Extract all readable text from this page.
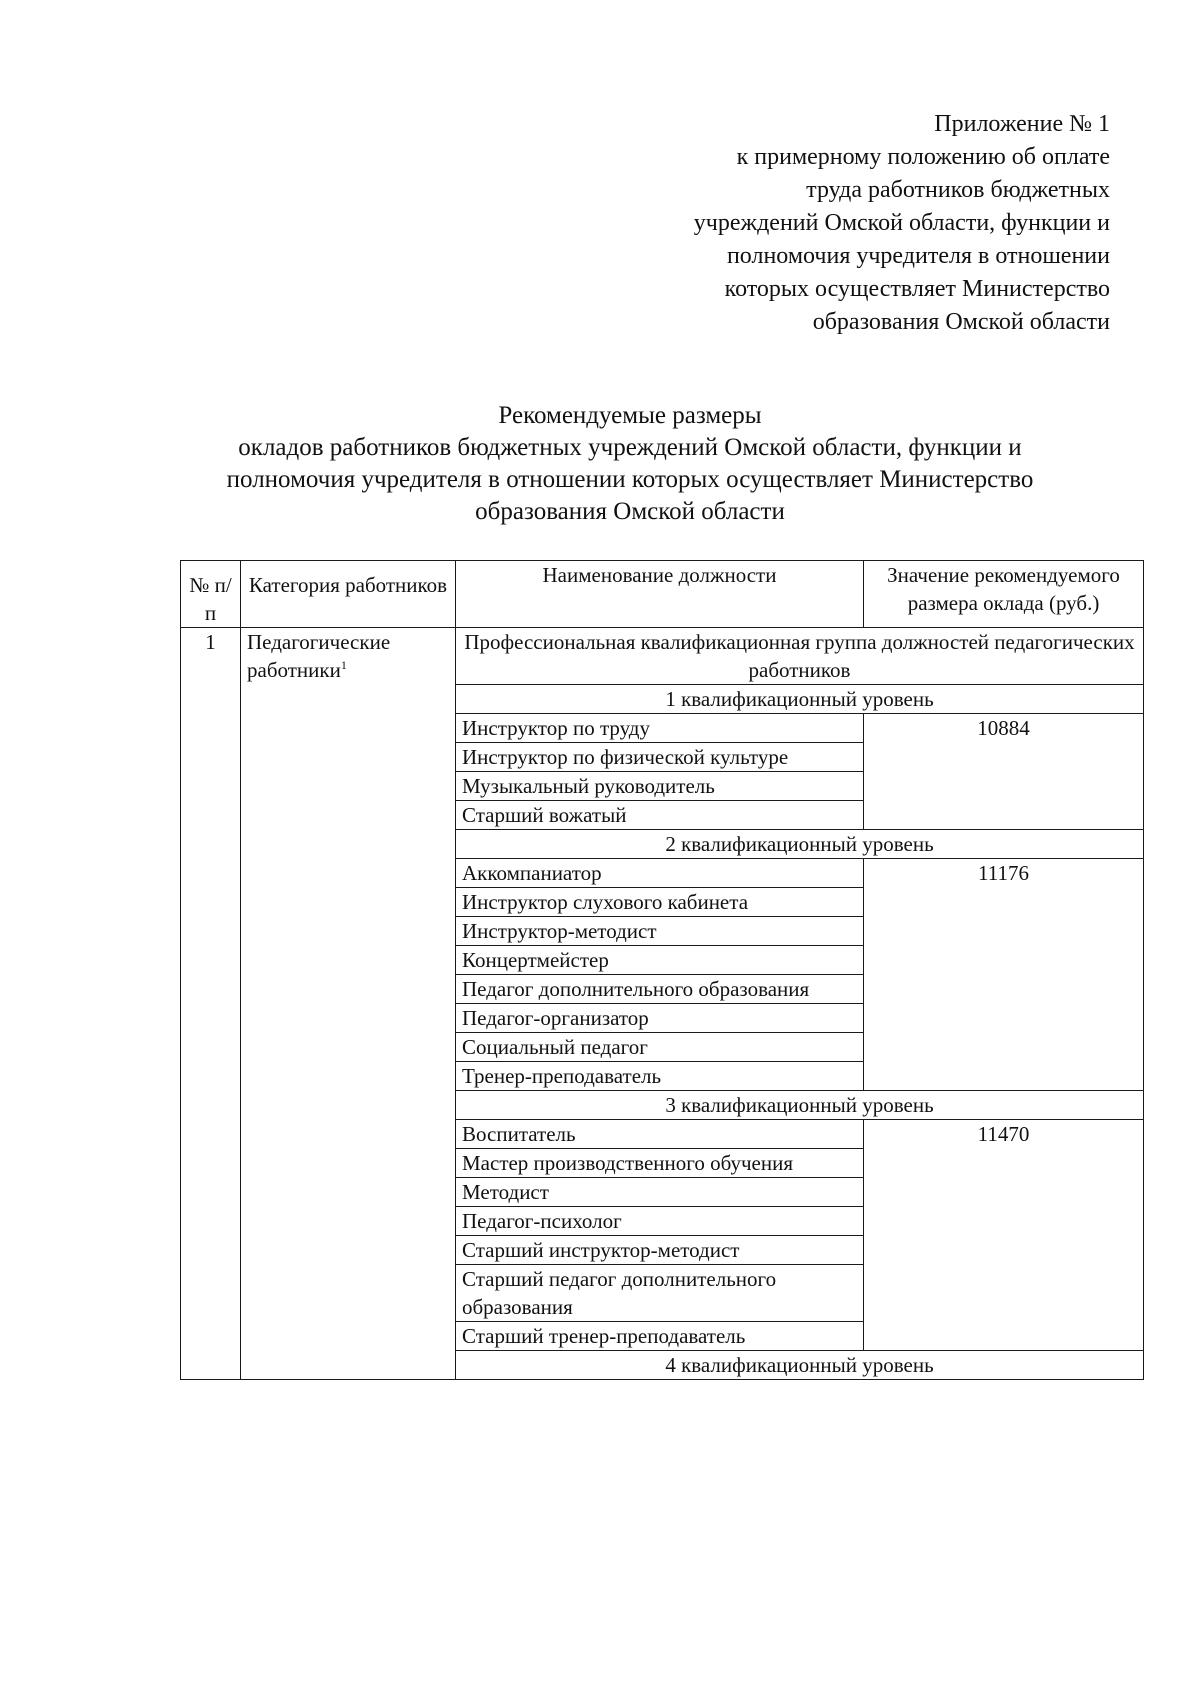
Приложение № 1
к примерному положению об оплате
труда работников бюджетных
учреждений Омской области, функции и
полномочия учредителя в отношении
которых осуществляет Министерство
образования Омской области
Рекомендуемые размеры
окладов работников бюджетных учреждений Омской области, функции и
полномочия учредителя в отношении которых осуществляет Министерство
образования Омской области
№ п/п	Категория работников	Наименование должности	Значение рекомендуемого размера оклада (руб.)
1	Педагогические работники$^1$	Профессиональная квалификационная группа должностей педагогических работников	
		1 квалификационный уровень	
		Инструктор по труду	10884
		Инструктор по физической культуре	
		Музыкальный руководитель	
		Старший вожатый	
		2 квалификационный уровень	
		Аккомпаниатор	11176
		Инструктор слухового кабинета	
		Инструктор-методист	
		Концертмейстер	
		Педагог дополнительного образования	
		Педагог-организатор	
		Социальный педагог	
		Тренер-преподаватель	
		3 квалификационный уровень	
		Воспитатель	11470
		Мастер производственного обучения	
		Методист	
		Педагог-психолог	
		Старший инструктор-методист	
		Старший педагог дополнительного образования	
		Старший тренер-преподаватель	
		4 квалификационный уровень	
